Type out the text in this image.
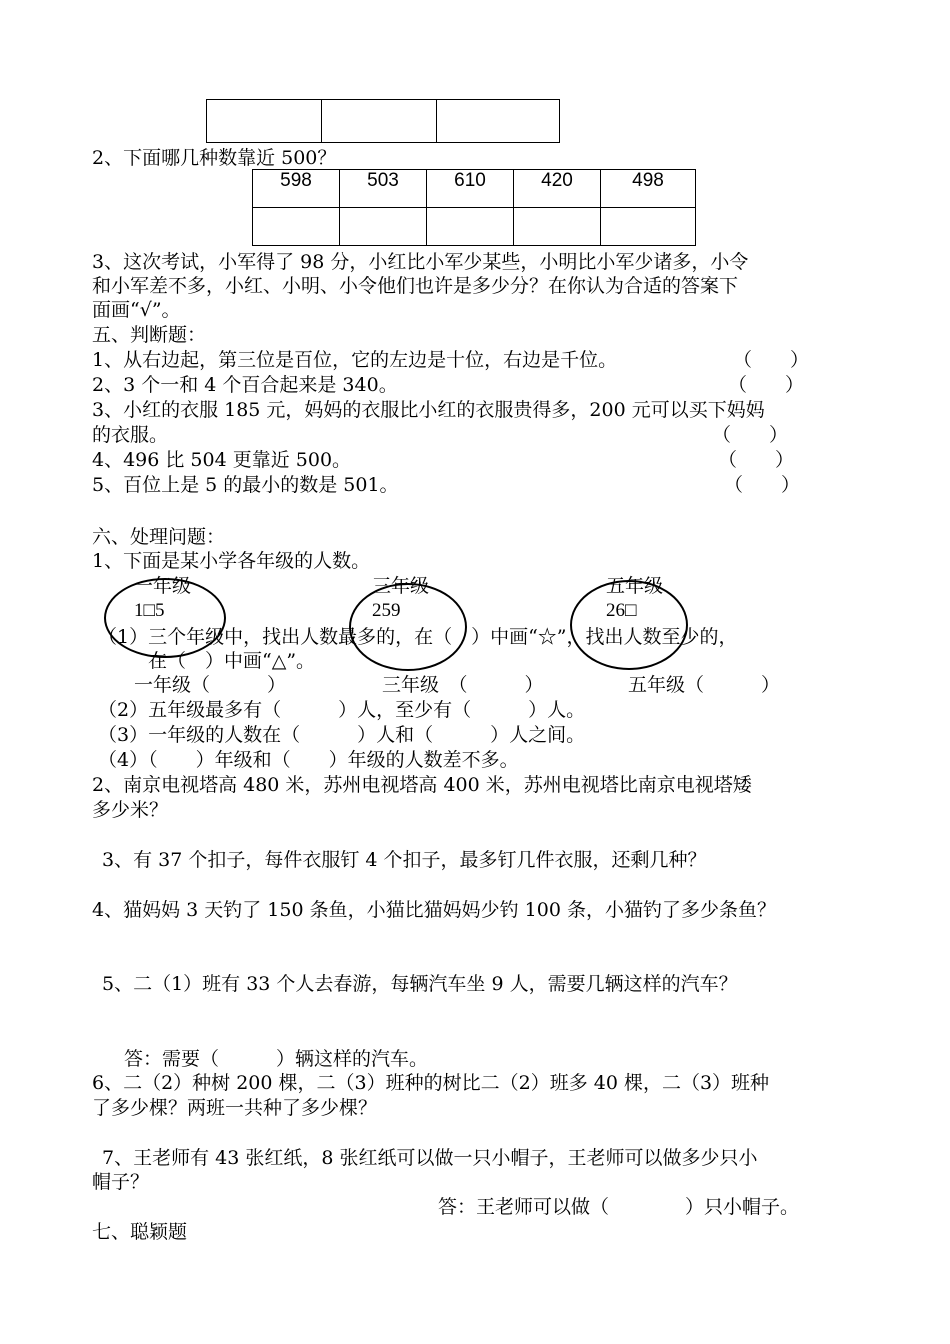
2、下面哪几种数靠近 500？
598	503	610	420	498

3、这次考试，小军得了 98 分，小红比小军少某些，小明比小军少诸多，小令
和小军差不多，小红、小明、小令他们也许是多少分？在你认为合适的答案下
面画“√”。
五、判断题：
1、从右边起，第三位是百位，它的左边是十位，右边是千位。	（　　）
2、3 个一和 4 个百合起来是 340。	（　　）
3、小红的衣服 185 元，妈妈的衣服比小红的衣服贵得多，200 元可以买下妈妈
的衣服。	（　　）
4、496 比 504 更靠近 500。	（　　）
5、百位上是 5 的最小的数是 501。	（　　）
六、处理问题：
1、下面是某小学各年级的人数。
一年级	三年级	五年级
1□5	259	26□
（1）三个年级中，找出人数最多的，在（　）中画“☆”，找出人数至少的，
在（　）中画“△”。
一年级（　　　）	三年级　（　　　）	五年级（　　　）
（2）五年级最多有（　　　）人，至少有（　　　）人。
（3）一年级的人数在（　　　）人和（　　　）人之间。
（4）（　　）年级和（　　）年级的人数差不多。
2、南京电视塔高 480 米，苏州电视塔高 400 米，苏州电视塔比南京电视塔矮
多少米？
3、有 37 个扣子，每件衣服钉 4 个扣子，最多钉几件衣服，还剩几种？
4、猫妈妈 3 天钓了 150 条鱼，小猫比猫妈妈少钓 100 条，小猫钓了多少条鱼？
5、二（1）班有 33 个人去春游，每辆汽车坐 9 人，需要几辆这样的汽车？
答：需要（　　　）辆这样的汽车。
6、二（2）种树 200 棵，二（3）班种的树比二（2）班多 40 棵，二（3）班种
了多少棵？两班一共种了多少棵？
7、王老师有 43 张红纸，8 张红纸可以做一只小帽子，王老师可以做多少只小
帽子？
答：王老师可以做（　　　　）只小帽子。
七、聪颖题
